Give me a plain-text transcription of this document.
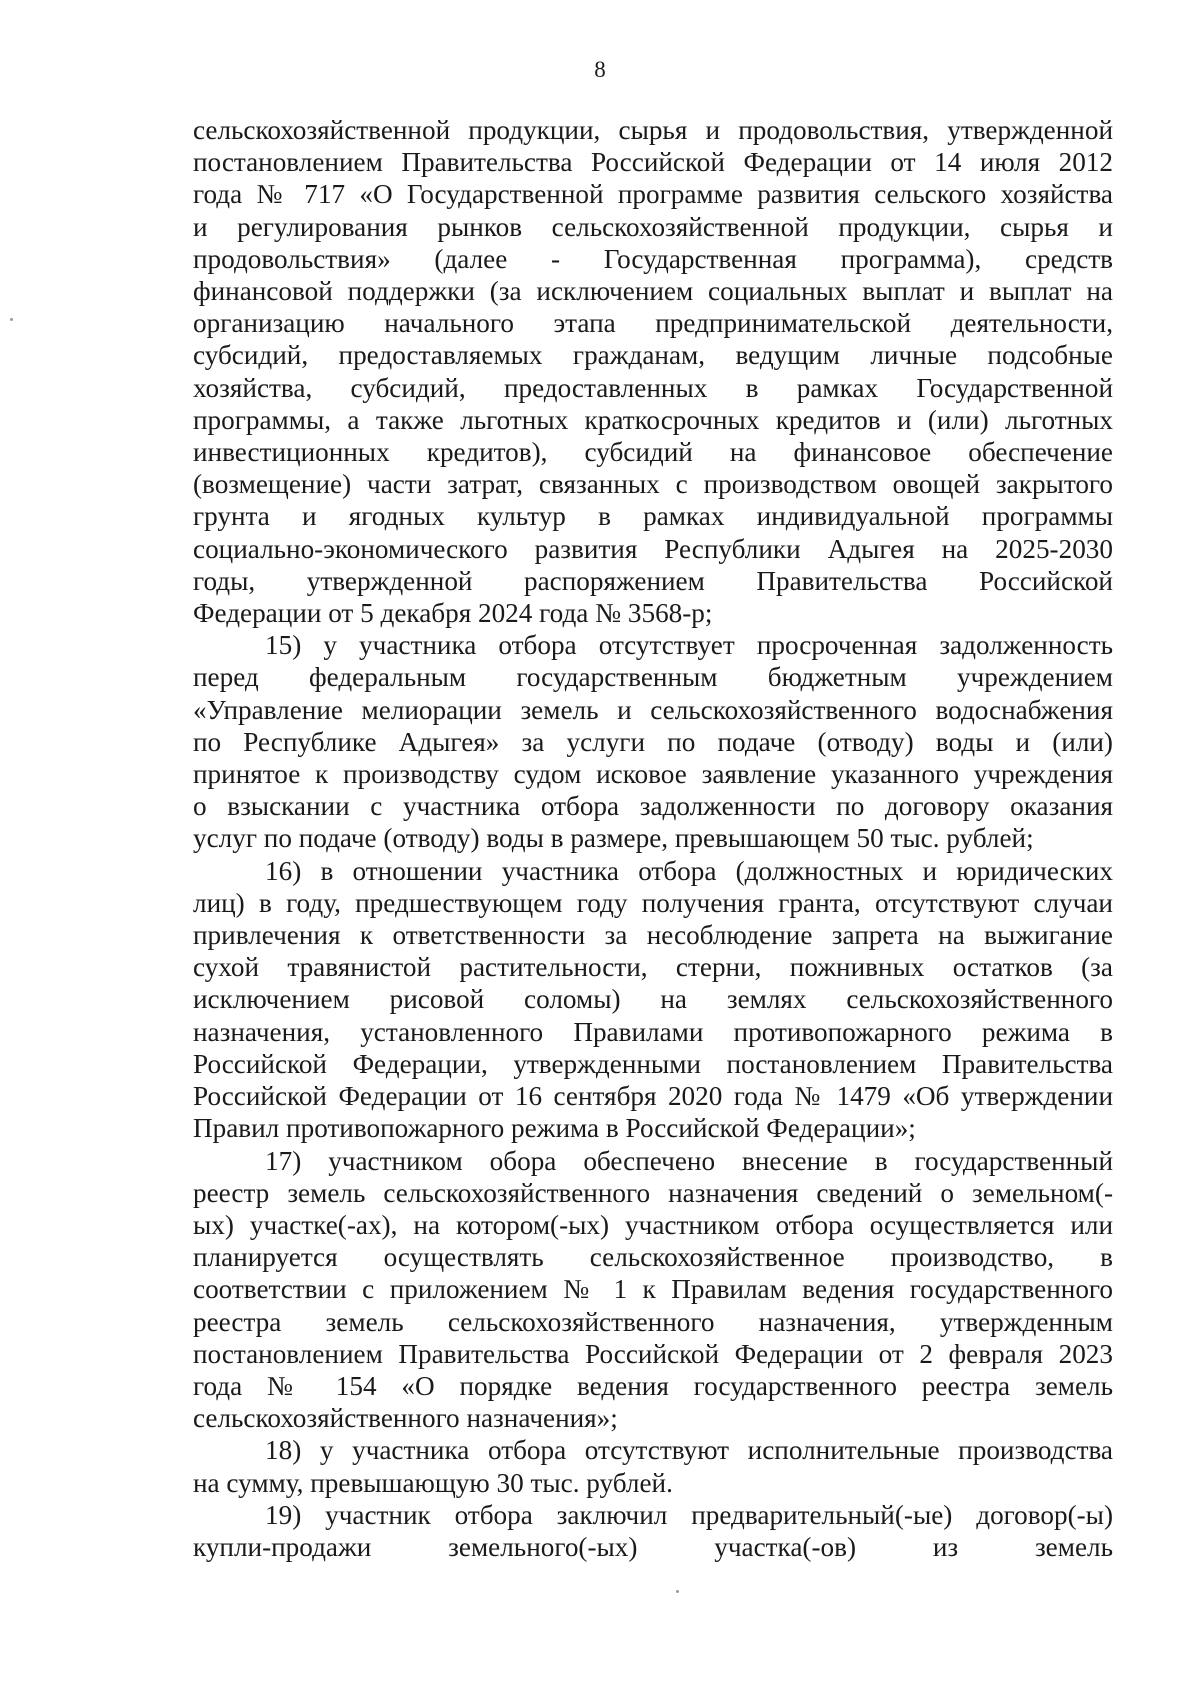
8
сельскохозяйственной продукции, сырья и продовольствия, утвержденной
постановлением Правительства Российской Федерации от 14 июля 2012
года № 717 «О Государственной программе развития сельского хозяйства
и регулирования рынков сельскохозяйственной продукции, сырья и
продовольствия» (далее - Государственная программа), средств
финансовой поддержки (за исключением социальных выплат и выплат на
организацию начального этапа предпринимательской деятельности,
субсидий, предоставляемых гражданам, ведущим личные подсобные
хозяйства, субсидий, предоставленных в рамках Государственной
программы, а также льготных краткосрочных кредитов и (или) льготных
инвестиционных кредитов), субсидий на финансовое обеспечение
(возмещение) части затрат, связанных с производством овощей закрытого
грунта и ягодных культур в рамках индивидуальной программы
социально-экономического развития Республики Адыгея на 2025-2030
годы, утвержденной распоряжением Правительства Российской
Федерации от 5 декабря 2024 года № 3568-р;
15) у участника отбора отсутствует просроченная задолженность
перед федеральным государственным бюджетным учреждением
«Управление мелиорации земель и сельскохозяйственного водоснабжения
по Республике Адыгея» за услуги по подаче (отводу) воды и (или)
принятое к производству судом исковое заявление указанного учреждения
о взыскании с участника отбора задолженности по договору оказания
услуг по подаче (отводу) воды в размере, превышающем 50 тыс. рублей;
16) в отношении участника отбора (должностных и юридических
лиц) в году, предшествующем году получения гранта, отсутствуют случаи
привлечения к ответственности за несоблюдение запрета на выжигание
сухой травянистой растительности, стерни, пожнивных остатков (за
исключением рисовой соломы) на землях сельскохозяйственного
назначения, установленного Правилами противопожарного режима в
Российской Федерации, утвержденными постановлением Правительства
Российской Федерации от 16 сентября 2020 года № 1479 «Об утверждении
Правил противопожарного режима в Российской Федерации»;
17) участником обора обеспечено внесение в государственный
реестр земель сельскохозяйственного назначения сведений о земельном(-
ых) участке(-ах), на котором(-ых) участником отбора осуществляется или
планируется осуществлять сельскохозяйственное производство, в
соответствии с приложением № 1 к Правилам ведения государственного
реестра земель сельскохозяйственного назначения, утвержденным
постановлением Правительства Российской Федерации от 2 февраля 2023
года № 154 «О порядке ведения государственного реестра земель
сельскохозяйственного назначения»;
18) у участника отбора отсутствуют исполнительные производства
на сумму, превышающую 30 тыс. рублей.
19) участник отбора заключил предварительный(-ые) договор(-ы)
купли-продажи земельного(-ых) участка(-ов) из земель
